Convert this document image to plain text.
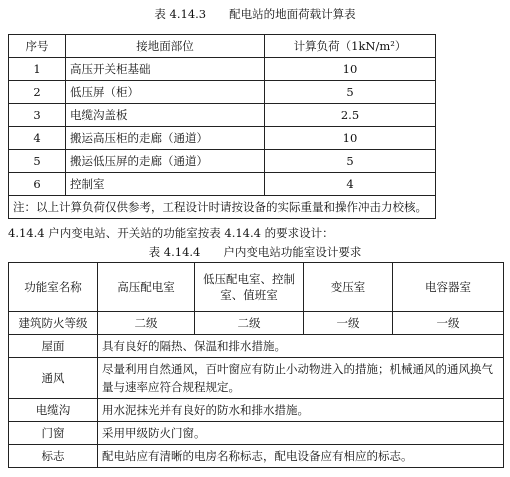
表 4.14.3　　配电站的地面荷载计算表
序号	接地面部位	计算负荷（1kN/m²）
1	高压开关柜基础	10
2	低压屏（柜）	5
3	电缆沟盖板	2.5
4	搬运高压柜的走廊（通道）	10
5	搬运低压屏的走廊（通道）	5
6	控制室	4
注：以上计算负荷仅供参考，工程设计时请按设备的实际重量和操作冲击力校核。		
4.14.4 户内变电站、开关站的功能室按表 4.14.4 的要求设计：
表 4.14.4　　户内变电站功能室设计要求
功能室名称	高压配电室	低压配电室、控制室、值班室	变压室	电容器室
建筑防火等级	二级	二级	一级	一级
屋面	具有良好的隔热、保温和排水措施。			
通风	尽量利用自然通风，百叶窗应有防止小动物进入的措施；机械通风的通风换气量与速率应符合规程规定。			
电缆沟	用水泥抹光并有良好的防水和排水措施。			
门窗	采用甲级防火门窗。			
标志	配电站应有清晰的电房名称标志，配电设备应有相应的标志。			
